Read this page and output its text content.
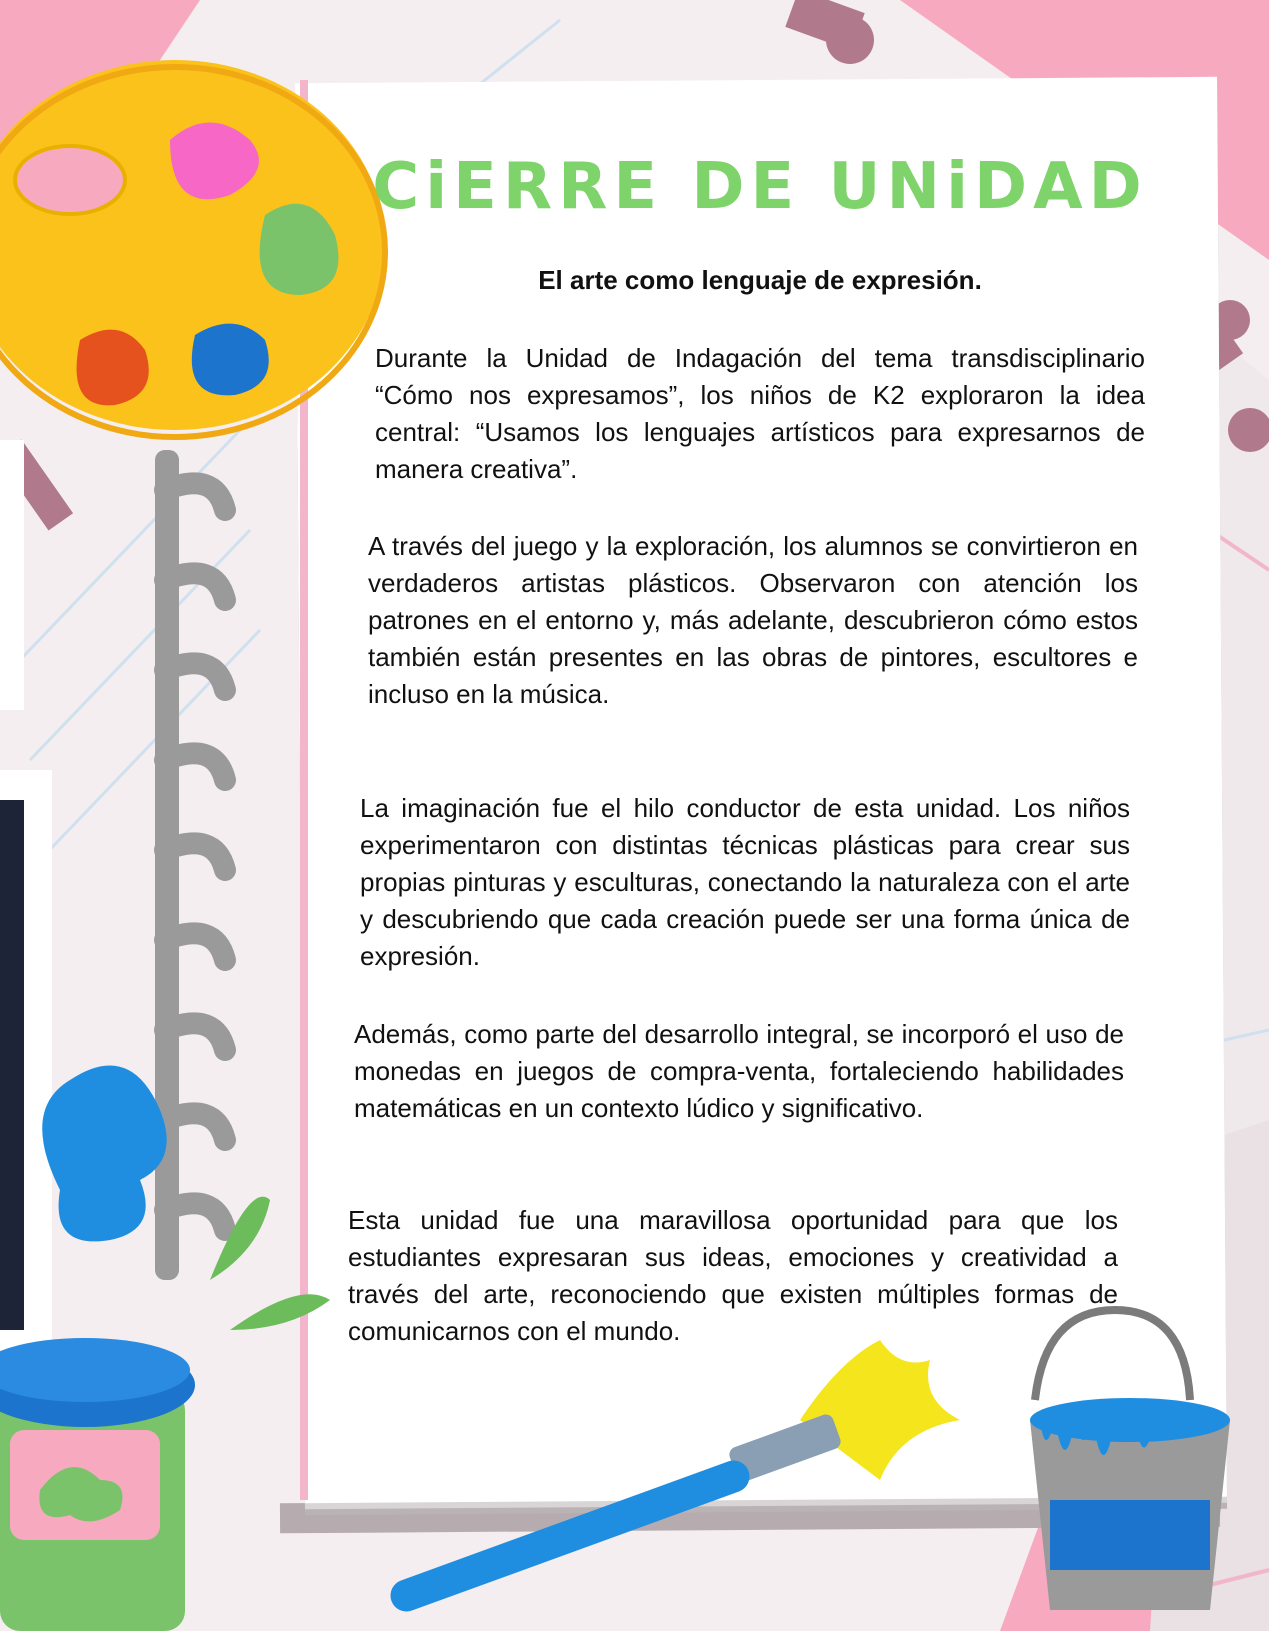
CiERRE DE UNiDAD
El arte como lenguaje de expresión.
Durante la Unidad de Indagación del tema transdisciplinario “Cómo nos expresamos”, los niños de K2 exploraron la idea central: “Usamos los lenguajes artísticos para expresarnos de manera creativa”.
A través del juego y la exploración, los alumnos se convirtieron en verdaderos artistas plásticos. Observaron con atención los patrones en el entorno y, más adelante, descubrieron cómo estos también están presentes en las obras de pintores, escultores e incluso en la música.
La imaginación fue el hilo conductor de esta unidad. Los niños experimentaron con distintas técnicas plásticas para crear sus propias pinturas y esculturas, conectando la naturaleza con el arte y descubriendo que cada creación puede ser una forma única de expresión.
Además, como parte del desarrollo integral, se incorporó el uso de monedas en juegos de compra-venta, fortaleciendo habilidades matemáticas en un contexto lúdico y significativo.
Esta unidad fue una maravillosa oportunidad para que los estudiantes expresaran sus ideas, emociones y creatividad a través del arte, reconociendo que existen múltiples formas de comunicarnos con el mundo.
